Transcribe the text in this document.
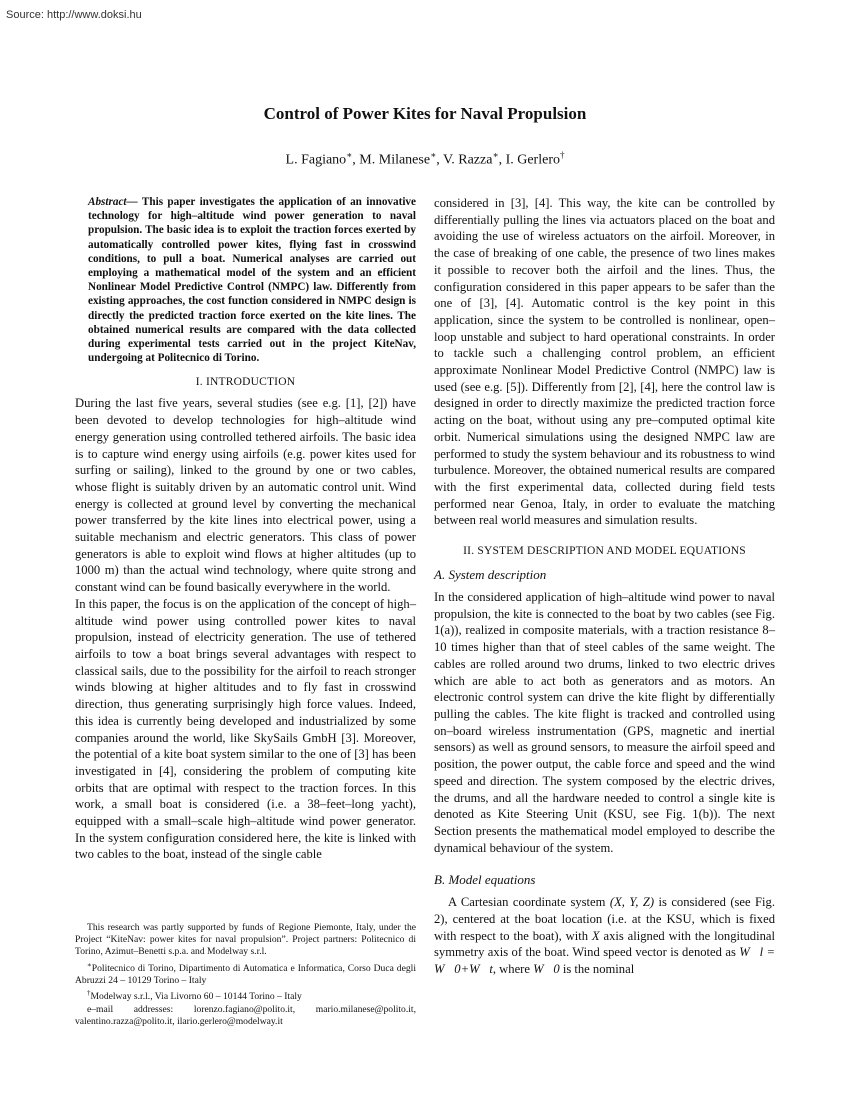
Source: http://www.doksi.hu
Control of Power Kites for Naval Propulsion
L. Fagiano∗, M. Milanese∗, V. Razza∗, I. Gerlero†

Abstract— This paper investigates the application of an innovative technology for high–altitude wind power generation to naval propulsion. The basic idea is to exploit the traction forces exerted by automatically controlled power kites, flying fast in crosswind conditions, to pull a boat. Numerical analyses are carried out employing a mathematical model of the system and an efficient Nonlinear Model Predictive Control (NMPC) law. Differently from existing approaches, the cost function considered in NMPC design is directly the predicted traction force exerted on the kite lines. The obtained numerical results are compared with the data collected during experimental tests carried out in the project KiteNav, undergoing at Politecnico di Torino.

I. INTRODUCTION

During the last five years, several studies (see e.g. [1], [2]) have been devoted to develop technologies for high–altitude wind energy generation using controlled tethered airfoils. The basic idea is to capture wind energy using airfoils (e.g. power kites used for surfing or sailing), linked to the ground by one or two cables, whose flight is suitably driven by an automatic control unit. Wind energy is collected at ground level by converting the mechanical power transferred by the kite lines into electrical power, using a suitable mechanism and electric generators. This class of power generators is able to exploit wind flows at higher altitudes (up to 1000 m) than the actual wind technology, where quite strong and constant wind can be found basically everywhere in the world.

In this paper, the focus is on the application of the concept of high–altitude wind power using controlled power kites to naval propulsion, instead of electricity generation. The use of tethered airfoils to tow a boat brings several advantages with respect to classical sails, due to the possibility for the airfoil to reach stronger winds blowing at higher altitudes and to fly fast in crosswind direction, thus generating surprisingly high force values. Indeed, this idea is currently being developed and industrialized by some companies around the world, like SkySails GmbH [3]. Moreover, the potential of a kite boat system similar to the one of [3] has been investigated in [4], considering the problem of computing kite orbits that are optimal with respect to the traction forces. In this work, a small boat is considered (i.e. a 38–feet–long yacht), equipped with a small–scale high–altitude wind power generator. In the system configuration considered here, the kite is linked with two cables to the boat, instead of the single cable

considered in [3], [4]. This way, the kite can be controlled by differentially pulling the lines via actuators placed on the boat and avoiding the use of wireless actuators on the airfoil. Moreover, in the case of breaking of one cable, the presence of two lines makes it possible to recover both the airfoil and the lines. Thus, the configuration considered in this paper appears to be safer than the one of [3], [4]. Automatic control is the key point in this application, since the system to be controlled is nonlinear, open–loop unstable and subject to hard operational constraints. In order to tackle such a challenging control problem, an efficient approximate Nonlinear Model Predictive Control (NMPC) law is used (see e.g. [5]). Differently from [2], [4], here the control law is designed in order to directly maximize the predicted traction force acting on the boat, without using any pre–computed optimal kite orbit. Numerical simulations using the designed NMPC law are performed to study the system behaviour and its robustness to wind turbulence. Moreover, the obtained numerical results are compared with the first experimental data, collected during field tests performed near Genoa, Italy, in order to evaluate the matching between real world measures and simulation results.

II. SYSTEM DESCRIPTION AND MODEL EQUATIONS
A. System description

In the considered application of high–altitude wind power to naval propulsion, the kite is connected to the boat by two cables (see Fig. 1(a)), realized in composite materials, with a traction resistance 8–10 times higher than that of steel cables of the same weight. The cables are rolled around two drums, linked to two electric drives which are able to act both as generators and as motors. An electronic control system can drive the kite flight by differentially pulling the cables. The kite flight is tracked and controlled using on–board wireless instrumentation (GPS, magnetic and inertial sensors) as well as ground sensors, to measure the airfoil speed and position, the power output, the cable force and speed and the wind speed and direction. The system composed by the electric drives, the drums, and all the hardware needed to control a single kite is denoted as Kite Steering Unit (KSU, see Fig. 1(b)). The next Section presents the mathematical model employed to describe the dynamical behaviour of the system.

B. Model equations

A Cartesian coordinate system (X, Y, Z) is considered (see Fig. 2), centered at the boat location (i.e. at the KSU, which is fixed with respect to the boat), with X axis aligned with the longitudinal symmetry axis of the boat. Wind speed vector is denoted as W⃗l = W⃗0+W⃗t, where W⃗0 is the nominal

This research was partly supported by funds of Regione Piemonte, Italy, under the Project “KiteNav: power kites for naval propulsion”. Project partners: Politecnico di Torino, Azimut–Benetti s.p.a. and Modelway s.r.l.

∗Politecnico di Torino, Dipartimento di Automatica e Informatica, Corso Duca degli Abruzzi 24 – 10129 Torino – Italy

†Modelway s.r.l., Via Livorno 60 – 10144 Torino – Italy

e–mail addresses: lorenzo.fagiano@polito.it, mario.milanese@polito.it, valentino.razza@polito.it, ilario.gerlero@modelway.it
